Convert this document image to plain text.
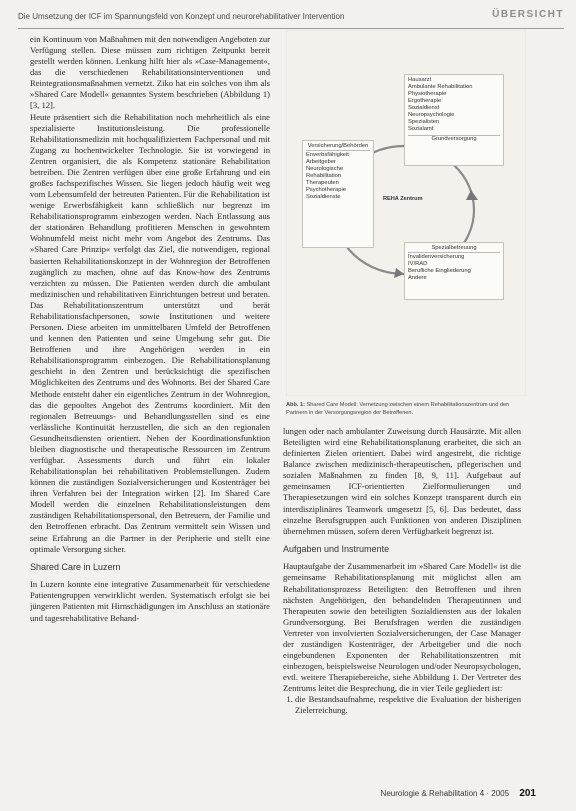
Die Umsetzung der ICF im Spannungsfeld von Konzept und neurorehabilitativer Intervention	ÜBERSICHT

ein Kontinuum von Maßnahmen mit den notwendigen Angeboten zur Verfügung stellen. Diese müssen zum richtigen Zeitpunkt bereit gestellt werden können. Lenkung hilft hier als »Case-Management«, das die verschiedenen Rehabilitationsinterventionen und Reintegrationsmaßnahmen vernetzt. Ziko hat ein solches von ihm als »Shared Care Modell« genanntes System beschrieben (Abbildung 1) [3, 12].

Heute präsentiert sich die Rehabilitation noch mehrheitlich als eine spezialisierte Institutionsleistung. Die professionelle Rehabilitationsmedizin mit hochqualifiziertem Fachpersonal und mit Zugang zu hochentwickelter Technologie. Sie ist vorwiegend in Zentren organisiert, die als Kompetenz stationäre Rehabilitation betreiben. Die Zentren verfügen über eine große Erfahrung und ein großes fachspezifisches Wissen. Sie liegen jedoch häufig weit weg vom Lebensumfeld der betreuten Patienten. Für die Rehabilitation ist wenige Erwerbsfähigkeit kann schließlich nur begrenzt im Rehabilitationsprogramm einbezogen werden. Nach Entlassung aus der stationären Behandlung profitieren Menschen in gewohntem Wohnumfeld meist nicht mehr vom Angebot des Zentrums. Das »Shared Care Prinzip« verfolgt das Ziel, die notwendigen, regional basierten Rehabilitationskonzept in der Wohnregion der Betroffenen zugänglich zu machen, ohne auf das Know-how des Zentrums verzichten zu müssen. Die Patienten werden durch die ambulant medizinischen und rehabilitativen Einrichtungen betreut und beraten. Das Rehabilitationszentrum unterstützt und berät Rehabilitationsfachpersonen, sowie Institutionen und weitere Personen. Diese arbeiten im unmittelbaren Umfeld der Betroffenen und kennen den Patienten und seine Umgebung sehr gut. Die Betroffenen und ihre Angehörigen werden in ein Rehabilitationsprogramm einbezogen. Die Rehabilitationsplanung geschieht in den Zentren und berücksichtigt die spezifischen Möglichkeiten des Zentrums und des Wohnorts. Bei der Shared Care Methode entsteht daher ein eigentliches Zentrum in der Wohnregion, das die gepooltes Angebot des Zentrums koordiniert. Mit den regionalen Betreuungs- und Behandlungsstellen sind es eine verlässliche Kontinuität herzustellen, die sich an den regionalen Gesundheitsdiensten orientiert. Neben der Koordinationsfunktion bleiben diagnostische und therapeutische Ressourcen im Zentrum verfügbar. Assessments durch und führt ein lokaler Rehabilitationsplan bei rehabilitativen Problemstellungen. Zudem können die zuständigen Sozialversicherungen und Kostenträger bei ihren Verfahren bei der Integration wirken [2]. Im Shared Care Modell werden die einzelnen Rehabilitationsleistungen dem zuständigen Rehabilitationspersonal, den Betreuern, der Familie und den Betroffenen erbracht. Das Zentrum vermittelt sein Wissen und seine Erfahrung an die Partner in der Peripherie und stellt eine optimale Versorgung sicher.

Shared Care in Luzern

In Luzern konnte eine integrative Zusammenarbeit für verschiedene Patientengruppen verwirklicht werden. Systematisch erfolgt sie bei jüngeren Patienten mit Hirnschädigungen im Anschluss an stationäre und tagesrehabilitative Behand-

Hausarzt
Ambulante Rehabilitation
Physiotherapie
Ergotherapie
Sozialdienst
Neuropsychologie
Spezialisten
Sozialamt
Grundversorgung
Versicherung/Behörden
Erwerbsfähigkeit
Arbeitgeber
Neurologische Rehabilitation
Therapeuten
Psychotherapie
Sozialdienste
Spezialbetreuung
Invalidenversicherung
IV/RAD
Berufliche Eingliederung
Andere
REHA Zentrum
Abb. 1: Shared Care Modell: Vernetzung zwischen einem Rehabilitationszentrum und den Partnern in der Versorgungsregion der Betroffenen.

lungen oder nach ambulanter Zuweisung durch Hausärzte. Mit allen Beteiligten wird eine Rehabilitationsplanung erarbeitet, die sich an definierten Zielen orientiert. Dabei wird angestrebt, die richtige Balance zwischen medizinisch-therapeutischen, pflegerischen und sozialen Maßnahmen zu finden [8, 9, 11]. Aufgebaut auf gemeinsamen ICF-orientierten Zielformulierungen und Therapiesetzungen wird ein solches Konzept transparent durch ein interdisziplinäres Teamwork umgesetzt [5, 6]. Das bedeutet, dass einzelne Berufsgruppen auch Funktionen von anderen Disziplinen übernehmen müssen, sofern deren Verfügbarkeit begrenzt ist.

Aufgaben und Instrumente

Hauptaufgabe der Zusammenarbeit im »Shared Care Modell« ist die gemeinsame Rehabilitationsplanung mit möglichst allen am Rehabilitationsprozess Beteiligten: den Betroffenen und ihren nächsten Angehörigen, den behandelnden Therapeutinnen und Therapeuten sowie den beteiligten Sozialdiensten aus der lokalen Grundversorgung. Bei Berufsfragen werden die zuständigen Vertreter von involvierten Sozialversicherungen, der Case Manager der zuständigen Kostenträger, der Arbeitgeber und die noch eingebundenen Exponenten der Rehabilitationszentren mit einbezogen, beispielsweise Neurologen und/oder Neuropsychologen, evtl. weitere Therapiebereiche, siehe Abbildung 1. Der Vertreter des Zentrums leitet die Besprechung, die in vier Teile gegliedert ist:

1. die Bestandsaufnahme, respektive die Evaluation der bisherigen Zielerreichung.
Neurologie & Rehabilitation 4 · 2005 201
